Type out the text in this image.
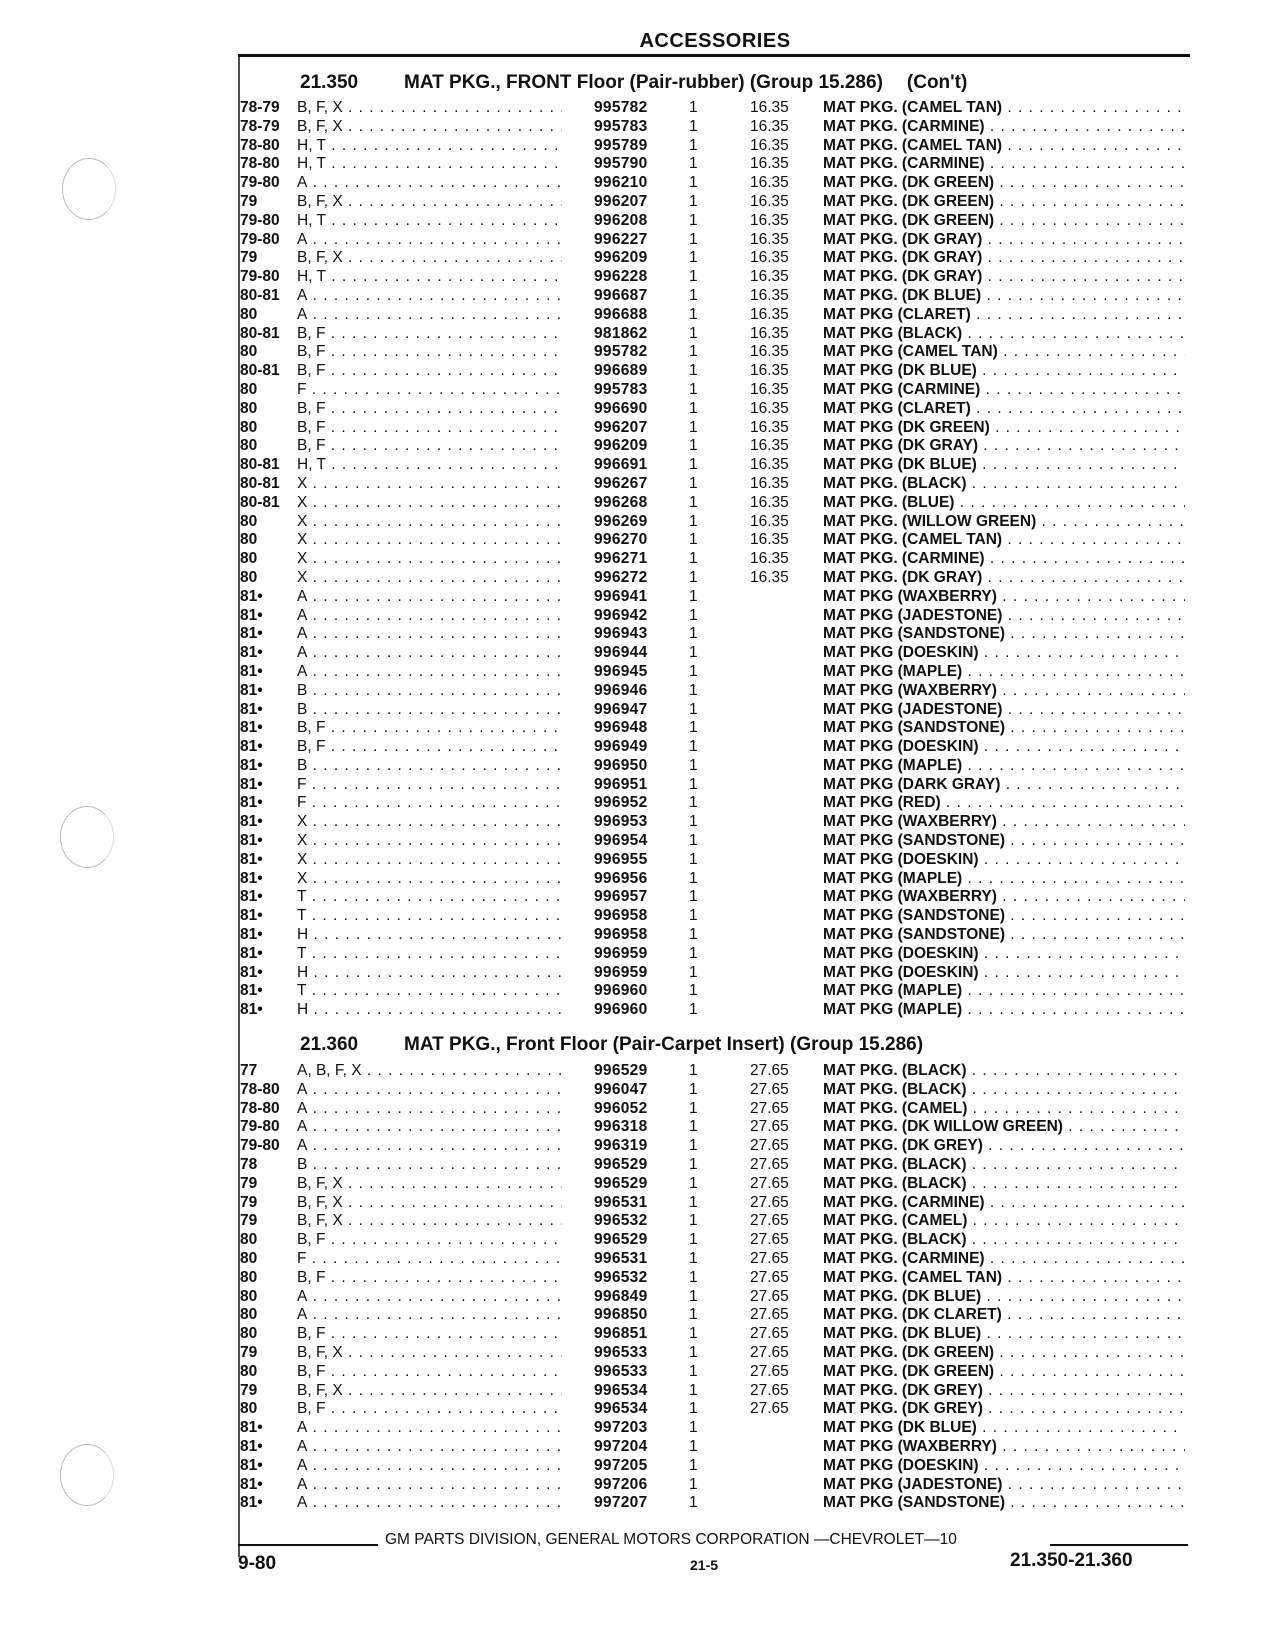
ACCESSORIES
21.350 MAT PKG., FRONT Floor (Pair-rubber) (Group 15.286) (Con't)
78-79 B, F, X . . .	995782	1	16.35 MAT PKG. (CAMEL TAN) . . .
78-79 B, F, X . . .	995783	1	16.35 MAT PKG. (CARMINE) . . .
78-80 H, T . . .	995789	1	16.35 MAT PKG. (CAMEL TAN) . . .
78-80 H, T . . .	995790	1	16.35 MAT PKG. (CARMINE) . . .
79-80 A . . .	996210	1	16.35 MAT PKG. (DK GREEN) . . .
79	B, F, X . . .	996207	1	16.35 MAT PKG. (DK GREEN) . . .
79-80 H, T . . .	996208	1	16.35 MAT PKG. (DK GREEN) . . .
79-80 A . . .	996227	1	16.35 MAT PKG. (DK GRAY) . . .
79	B, F, X . . .	996209	1	16.35 MAT PKG. (DK GRAY) . . .
79-80 H, T . . .	996228	1	16.35 MAT PKG. (DK GRAY) . . .
80-81 A . . .	996687	1	16.35 MAT PKG. (DK BLUE) . . .
80	A . . .	996688	1	16.35 MAT PKG (CLARET) . . .
80-81 B, F . . .	981862	1	16.35 MAT PKG (BLACK) . . .
80	B, F . . .	995782	1	16.35 MAT PKG (CAMEL TAN) . . .
80-81 B, F . . .	996689	1	16.35 MAT PKG (DK BLUE) . . .
80	F . . .	995783	1	16.35 MAT PKG (CARMINE) . . .
80	B, F . . .	996690	1	16.35 MAT PKG (CLARET) . . .
80	B, F . . .	996207	1	16.35 MAT PKG (DK GREEN) . . .
80	B, F . . .	996209	1	16.35 MAT PKG (DK GRAY) . . .
80-81 H, T . . .	996691	1	16.35 MAT PKG (DK BLUE) . . .
80-81 X . . .	996267	1	16.35 MAT PKG. (BLACK) . . .
80-81 X . . .	996268	1	16.35 MAT PKG. (BLUE) . . .
80	X . . .	996269	1	16.35 MAT PKG. (WILLOW GREEN) . . .
80	X . . .	996270	1	16.35 MAT PKG. (CAMEL TAN) . . .
80	X . . .	996271	1	16.35 MAT PKG. (CARMINE) . . .
80	X . . .	996272	1	16.35 MAT PKG. (DK GRAY) . . .
81• A . . .	996941	1	MAT PKG (WAXBERRY) . . .
81• A . . .	996942	1	MAT PKG (JADESTONE) . . .
81• A . . .	996943	1	MAT PKG (SANDSTONE) . . .
81• A . . .	996944	1	MAT PKG (DOESKIN) . . .
81• A . . .	996945	1	MAT PKG (MAPLE) . . .
81• B . . .	996946	1	MAT PKG (WAXBERRY) . . .
81• B . . .	996947	1	MAT PKG (JADESTONE) . . .
81• B, F . . .	996948	1	MAT PKG (SANDSTONE) . . .
81• B, F . . .	996949	1	MAT PKG (DOESKIN) . . .
81• B . . .	996950	1	MAT PKG (MAPLE) . . .
81• F . . .	996951	1	MAT PKG (DARK GRAY) . . .
81• F . . .	996952	1	MAT PKG (RED) . . .
81• X . . .	996953	1	MAT PKG (WAXBERRY) . . .
81• X . . .	996954	1	MAT PKG (SANDSTONE) . . .
81• X . . .	996955	1	MAT PKG (DOESKIN) . . .
81• X . . .	996956	1	MAT PKG (MAPLE) . . .
81• T . . .	996957	1	MAT PKG (WAXBERRY) . . .
81• T . . .	996958	1	MAT PKG (SANDSTONE) . . .
81• H . . .	996958	1	MAT PKG (SANDSTONE) . . .
81• T . . .	996959	1	MAT PKG (DOESKIN) . . .
81• H . . .	996959	1	MAT PKG (DOESKIN) . . .
81• T . . .	996960	1	MAT PKG (MAPLE) . . .
81• H . . .	996960	1	MAT PKG (MAPLE) . . .
21.360 MAT PKG., Front Floor (Pair-Carpet Insert) (Group 15.286)
77	A, B, F, X . . .	996529	1	27.65 MAT PKG. (BLACK) . . .
78-80 A . . .	996047	1	27.65 MAT PKG. (BLACK) . . .
78-80 A . . .	996052	1	27.65 MAT PKG. (CAMEL) . . .
79-80 A . . .	996318	1	27.65 MAT PKG. (DK WILLOW GREEN) . . .
79-80 A . . .	996319	1	27.65 MAT PKG. (DK GREY) . . .
78	B . . .	996529	1	27.65 MAT PKG. (BLACK) . . .
79	B, F, X . . .	996529	1	27.65 MAT PKG. (BLACK) . . .
79	B, F, X . . .	996531	1	27.65 MAT PKG. (CARMINE) . . .
79	B, F, X . . .	996532	1	27.65 MAT PKG. (CAMEL) . . .
80	B, F . . .	996529	1	27.65 MAT PKG. (BLACK) . . .
80	F . . .	996531	1	27.65 MAT PKG. (CARMINE) . . .
80	B, F . . .	996532	1	27.65 MAT PKG. (CAMEL TAN) . . .
80	A . . .	996849	1	27.65 MAT PKG. (DK BLUE) . . .
80	A . . .	996850	1	27.65 MAT PKG. (DK CLARET) . . .
80	B, F . . .	996851	1	27.65 MAT PKG. (DK BLUE) . . .
79	B, F, X . . .	996533	1	27.65 MAT PKG. (DK GREEN) . . .
80	B, F . . .	996533	1	27.65 MAT PKG. (DK GREEN) . . .
79	B, F, X . . .	996534	1	27.65 MAT PKG. (DK GREY) . . .
80	B, F . . .	996534	1	27.65 MAT PKG. (DK GREY) . . .
81• A . . .	997203	1	MAT PKG (DK BLUE) . . .
81• A . . .	997204	1	MAT PKG (WAXBERRY) . . .
81• A . . .	997205	1	MAT PKG (DOESKIN) . . .
81• A . . .	997206	1	MAT PKG (JADESTONE) . . .
81• A . . .	997207	1	MAT PKG (SANDSTONE) . . .
GM PARTS DIVISION, GENERAL MOTORS CORPORATION —CHEVROLET—10
9-80	21-5	21.350-21.360
